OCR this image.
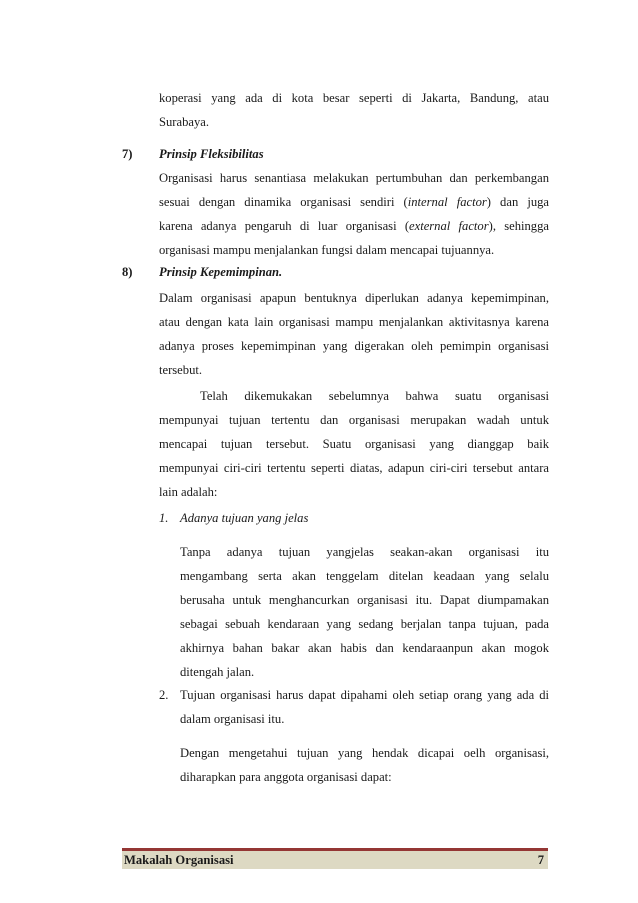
koperasi yang ada di kota besar seperti di Jakarta, Bandung, atau
Surabaya.
7) Prinsip Fleksibilitas
Organisasi harus senantiasa melakukan pertumbuhan dan perkembangan
sesuai dengan dinamika organisasi sendiri (internal factor) dan juga
karena adanya pengaruh di luar organisasi (external factor), sehingga
organisasi mampu menjalankan fungsi dalam mencapai tujuannya.
8) Prinsip Kepemimpinan.
Dalam organisasi apapun bentuknya diperlukan adanya kepemimpinan,
atau dengan kata lain organisasi mampu menjalankan aktivitasnya karena
adanya proses kepemimpinan yang digerakan oleh pemimpin organisasi
tersebut.
Telah dikemukakan sebelumnya bahwa suatu organisasi
mempunyai tujuan tertentu dan organisasi merupakan wadah untuk
mencapai tujuan tersebut. Suatu organisasi yang dianggap baik
mempunyai ciri-ciri tertentu seperti diatas, adapun ciri-ciri tersebut antara
lain adalah:
1. Adanya tujuan yang jelas
Tanpa adanya tujuan yangjelas seakan-akan organisasi itu
mengambang serta akan tenggelam ditelan keadaan yang selalu
berusaha untuk menghancurkan organisasi itu. Dapat diumpamakan
sebagai sebuah kendaraan yang sedang berjalan tanpa tujuan, pada
akhirnya bahan bakar akan habis dan kendaraanpun akan mogok
ditengah jalan.
2. Tujuan organisasi harus dapat dipahami oleh setiap orang yang ada di
dalam organisasi itu.
Dengan mengetahui tujuan yang hendak dicapai oelh organisasi,
diharapkan para anggota organisasi dapat:
Makalah Organisasi	7
